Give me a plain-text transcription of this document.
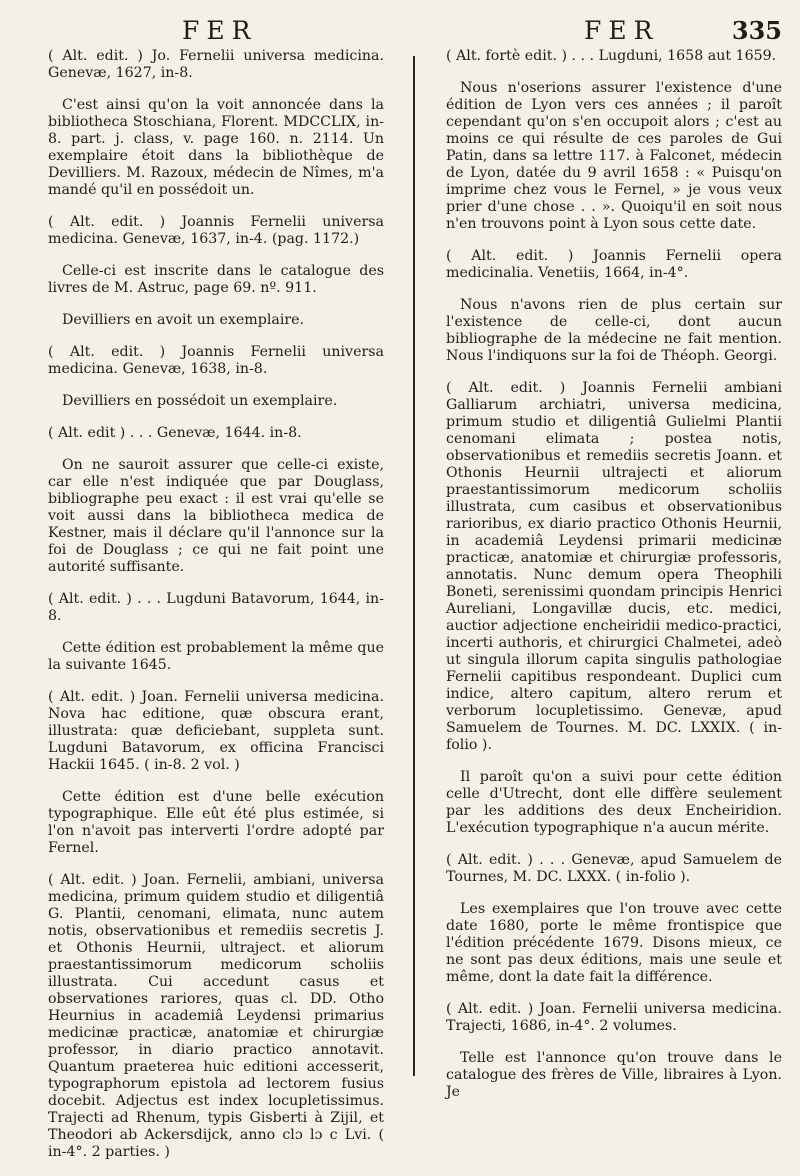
FER	FER	335

( Alt. edit. ) Jo. Fernelii universa medicina. Genevæ, 1627, in-8.

C'est ainsi qu'on la voit annoncée dans la bibliotheca Stoschiana, Florent. MDCCLIX, in-8. part. j. class, v. page 160. n. 2114. Un exemplaire étoit dans la bibliothèque de Devilliers. M. Razoux, médecin de Nîmes, m'a mandé qu'il en possédoit un.

( Alt. edit. ) Joannis Fernelii universa medicina. Genevæ, 1637, in-4. (pag. 1172.)

Celle-ci est inscrite dans le catalogue des livres de M. Astruc, page 69. nº. 911.

Devilliers en avoit un exemplaire.

( Alt. edit. ) Joannis Fernelii universa medicina. Genevæ, 1638, in-8.

Devilliers en possédoit un exemplaire.

( Alt. edit ) . . . Genevæ, 1644. in-8.

On ne sauroit assurer que celle-ci existe, car elle n'est indiquée que par Douglass, bibliographe peu exact : il est vrai qu'elle se voit aussi dans la bibliotheca medica de Kestner, mais il déclare qu'il l'annonce sur la foi de Douglass ; ce qui ne fait point une autorité suffisante.

( Alt. edit. ) . . . Lugduni Batavorum, 1644, in-8.

Cette édition est probablement la même que la suivante 1645.

( Alt. edit. ) Joan. Fernelii universa medicina. Nova hac editione, quæ obscura erant, illustrata: quæ deficiebant, suppleta sunt. Lugduni Batavorum, ex officina Francisci Hackii 1645. ( in-8. 2 vol. )

Cette édition est d'une belle exécution typographique. Elle eût été plus estimée, si l'on n'avoit pas interverti l'ordre adopté par Fernel.

( Alt. edit. ) Joan. Fernelii, ambiani, universa medicina, primum quidem studio et diligentiâ G. Plantii, cenomani, elimata, nunc autem notis, observationibus et remediis secretis J. et Othonis Heurnii, ultraject. et aliorum praestantissimorum medicorum scholiis illustrata. Cui accedunt casus et observationes rariores, quas cl. DD. Otho Heurnius in academiâ Leydensi primarius medicinæ practicæ, anatomiæ et chirurgiæ professor, in diario practico annotavit. Quantum praeterea huic editioni accesserit, typographorum epistola ad lectorem fusius docebit. Adjectus est index locupletissimus. Trajecti ad Rhenum, typis Gisberti à Zijil, et Theodori ab Ackersdijck, anno clɔ lɔ c Lvi. ( in-4°. 2 parties. )

( Alt. fortè edit. ) . . . Lugduni, 1658 aut 1659.

Nous n'oserions assurer l'existence d'une édition de Lyon vers ces années ; il paroît cependant qu'on s'en occupoit alors ; c'est au moins ce qui résulte de ces paroles de Gui Patin, dans sa lettre 117. à Falconet, médecin de Lyon, datée du 9 avril 1658 : « Puisqu'on imprime chez vous le Fernel, » je vous veux prier d'une chose . . ». Quoiqu'il en soit nous n'en trouvons point à Lyon sous cette date.

( Alt. edit. ) Joannis Fernelii opera medicinalia. Venetiis, 1664, in-4°.

Nous n'avons rien de plus certain sur l'existence de celle-ci, dont aucun bibliographe de la médecine ne fait mention. Nous l'indiquons sur la foi de Théoph. Georgi.

( Alt. edit. ) Joannis Fernelii ambiani Galliarum archiatri, universa medicina, primum studio et diligentiâ Gulielmi Plantii cenomani elimata ; postea notis, observationibus et remediis secretis Joann. et Othonis Heurnii ultrajecti et aliorum praestantissimorum medicorum scholiis illustrata, cum casibus et observationibus rarioribus, ex diario practico Othonis Heurnii, in academiâ Leydensi primarii medicinæ practicæ, anatomiæ et chirurgiæ professoris, annotatis. Nunc demum opera Theophili Boneti, serenissimi quondam principis Henrici Aureliani, Longavillæ ducis, etc. medici, auctior adjectione encheiridii medico-practici, incerti authoris, et chirurgici Chalmetei, adeò ut singula illorum capita singulis pathologiae Fernelii capitibus respondeant. Duplici cum indice, altero capitum, altero rerum et verborum locupletissimo. Genevæ, apud Samuelem de Tournes. M. DC. LXXIX. ( in-folio ).

Il paroît qu'on a suivi pour cette édition celle d'Utrecht, dont elle diffère seulement par les additions des deux Encheiridion. L'exécution typographique n'a aucun mérite.

( Alt. edit. ) . . . Genevæ, apud Samuelem de Tournes, M. DC. LXXX. ( in-folio ).

Les exemplaires que l'on trouve avec cette date 1680, porte le même frontispice que l'édition précédente 1679. Disons mieux, ce ne sont pas deux éditions, mais une seule et même, dont la date fait la différence.

( Alt. edit. ) Joan. Fernelii universa medicina. Trajecti, 1686, in-4°. 2 volumes.

Telle est l'annonce qu'on trouve dans le catalogue des frères de Ville, libraires à Lyon. Je
